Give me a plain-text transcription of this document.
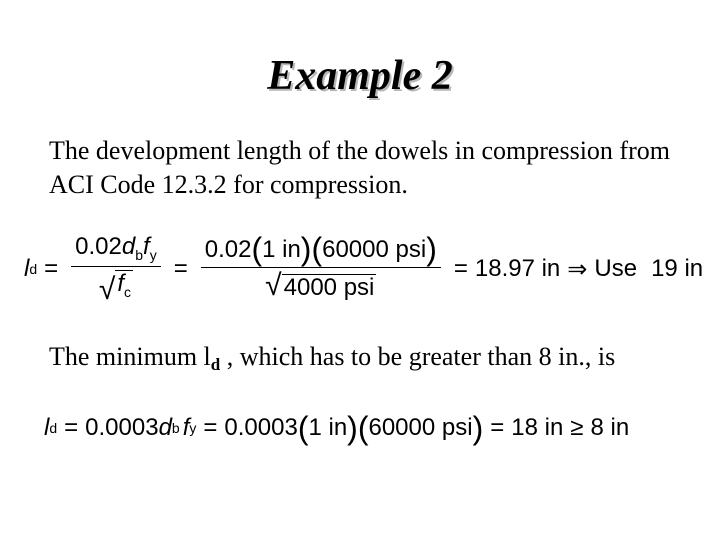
Example 2

The development length of the dowels in compression from ACI Code 12.3.2 for compression.

l $d = \frac{0.02d_bf_y}{√ f_c} = \frac{\text{0.02(1 in)(60000 psi)}}{\text{√ 4000 psi}} = 18.97$ in ⇒ Use 19 in

The minimum $l_d$ , which has to be greater than 8 in., is

l d = 0.0003 d b f y = 0.0003 ( 1 in )( 60000 psi ) = 18 in ≥ 8 in
